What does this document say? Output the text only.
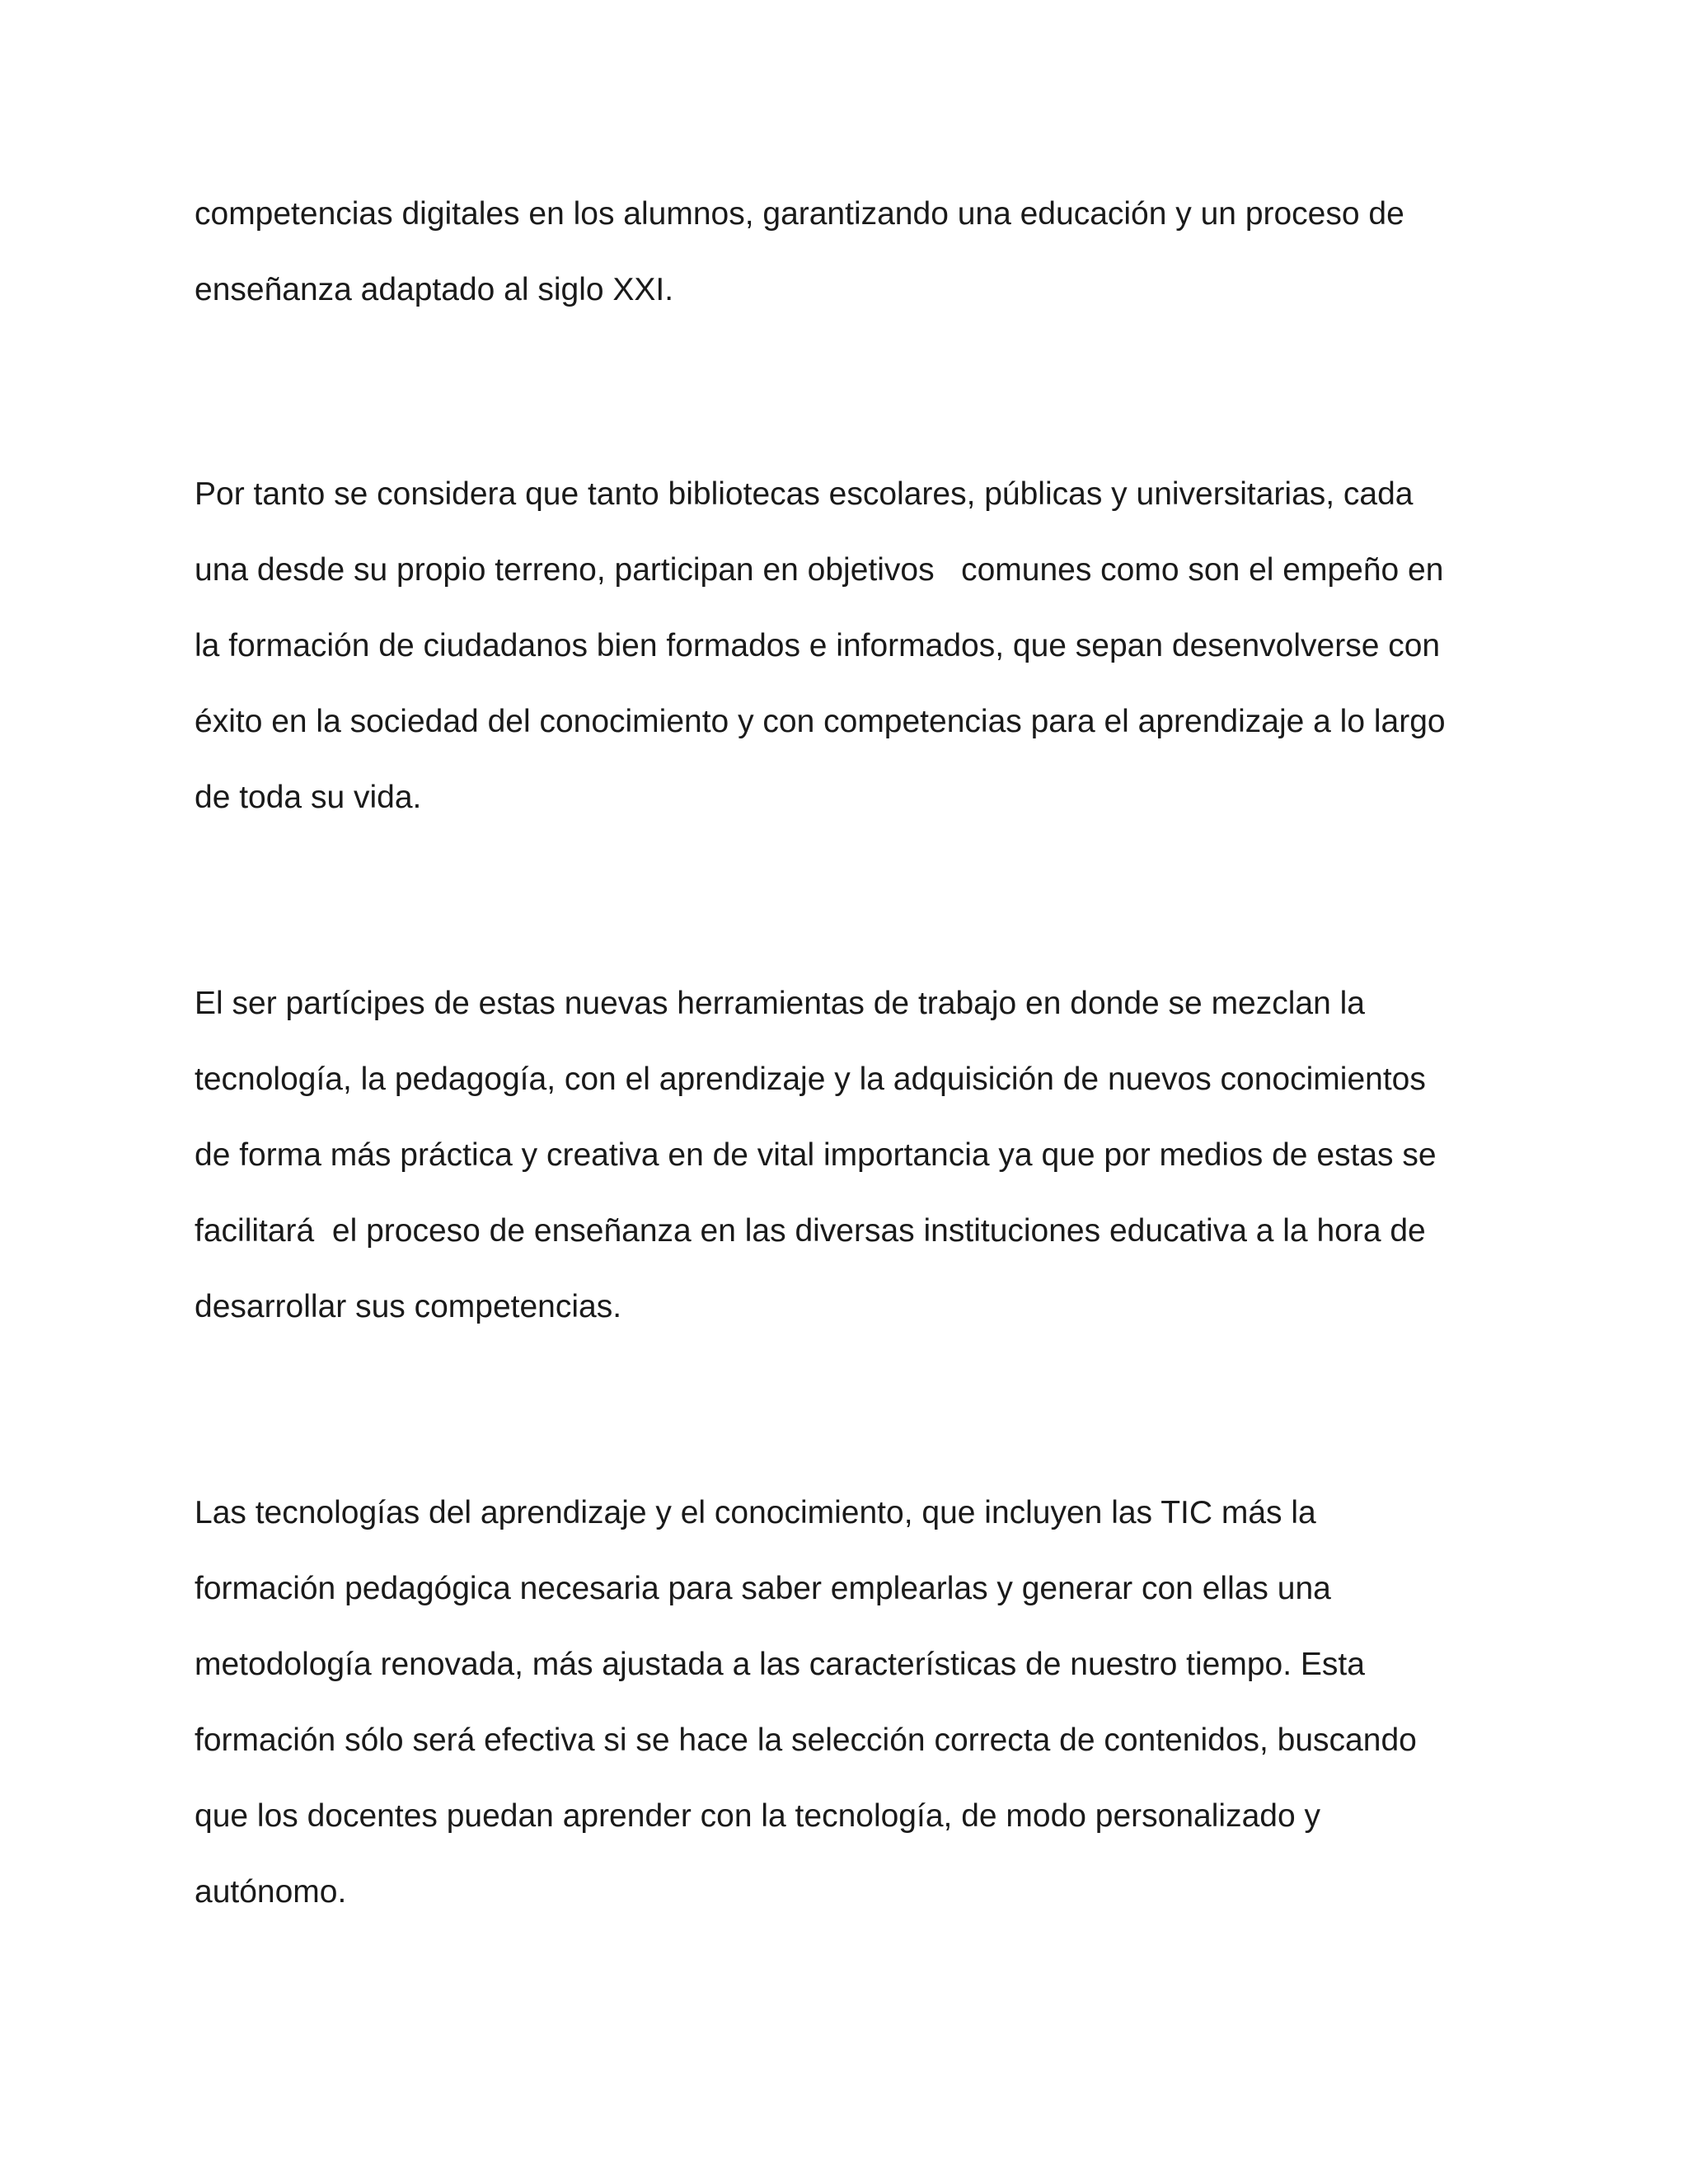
competencias digitales en los alumnos, garantizando una educación y un proceso de

enseñanza adaptado al siglo XXI.

Por tanto se considera que tanto bibliotecas escolares, públicas y universitarias, cada

una desde su propio terreno, participan en objetivos   comunes como son el empeño en

la formación de ciudadanos bien formados e informados, que sepan desenvolverse con

éxito en la sociedad del conocimiento y con competencias para el aprendizaje a lo largo

de toda su vida.

El ser partícipes de estas nuevas herramientas de trabajo en donde se mezclan la

tecnología, la pedagogía, con el aprendizaje y la adquisición de nuevos conocimientos

de forma más práctica y creativa en de vital importancia ya que por medios de estas se

facilitará  el proceso de enseñanza en las diversas instituciones educativa a la hora de

desarrollar sus competencias.

Las tecnologías del aprendizaje y el conocimiento, que incluyen las TIC más la

formación pedagógica necesaria para saber emplearlas y generar con ellas una

metodología renovada, más ajustada a las características de nuestro tiempo. Esta

formación sólo será efectiva si se hace la selección correcta de contenidos, buscando

que los docentes puedan aprender con la tecnología, de modo personalizado y

autónomo.
